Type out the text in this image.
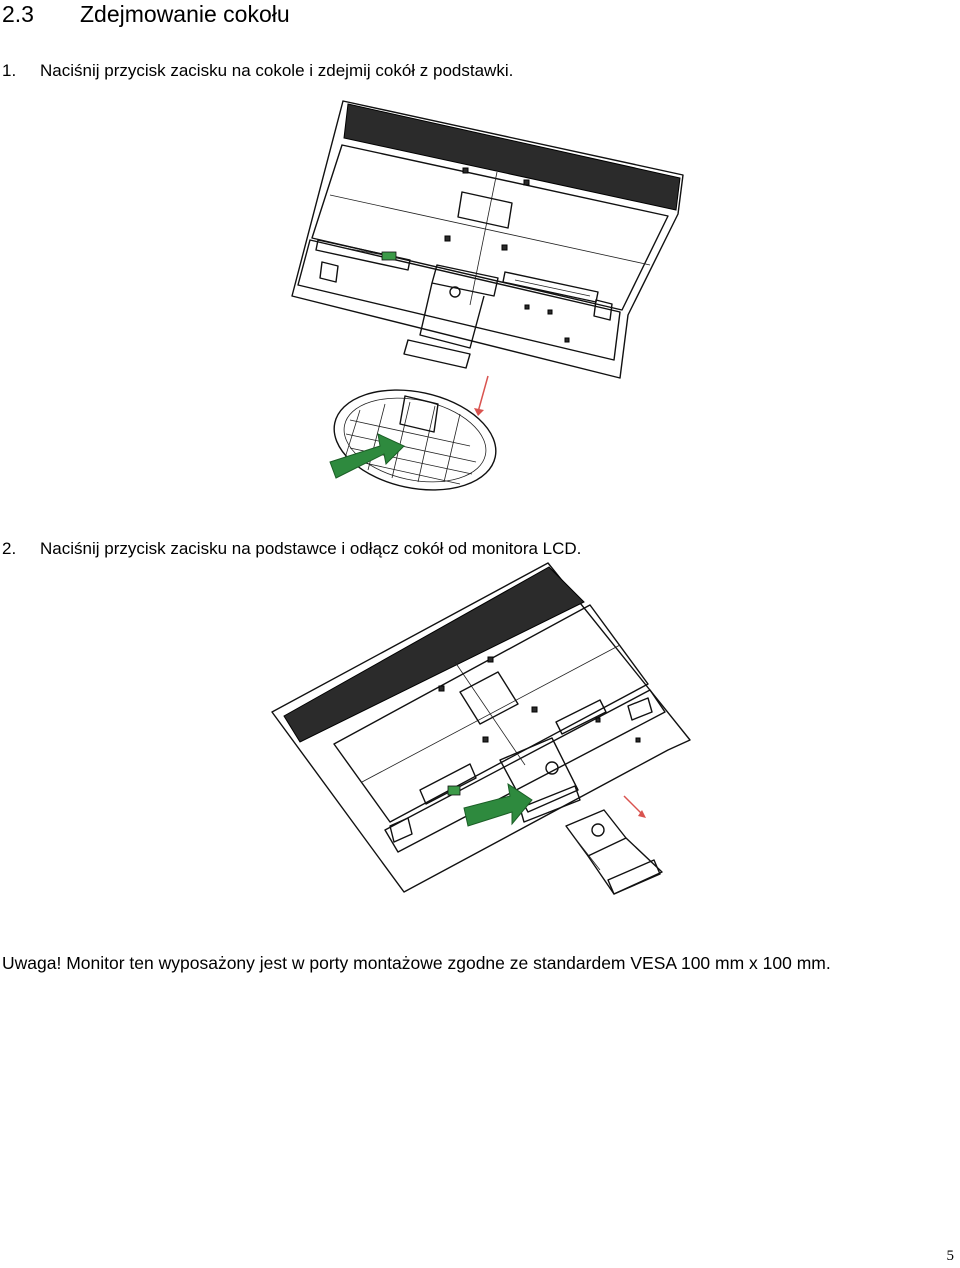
2.3 Zdejmowanie cokołu
1. Naciśnij przycisk zacisku na cokole i zdejmij cokół z podstawki.
2. Naciśnij przycisk zacisku na podstawce i odłącz cokół od monitora LCD.
Uwaga! Monitor ten wyposażony jest w porty montażowe zgodne ze standardem VESA 100 mm x 100 mm.
5
